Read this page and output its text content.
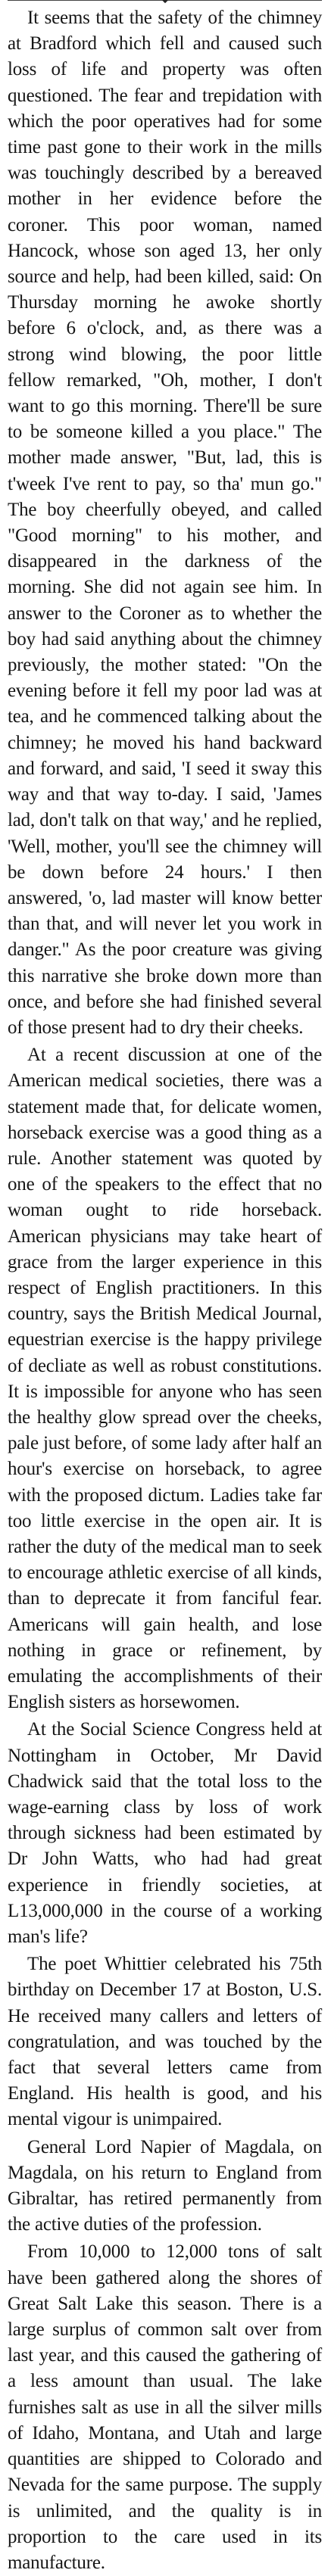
It seems that the safety of the chimney at Bradford which fell and caused such loss of life and property was often questioned. The fear and trepidation with which the poor operatives had for some time past gone to their work in the mills was touchingly described by a bereaved mother in her evidence before the coroner. This poor woman, named Hancock, whose son aged 13, her only source and help, had been killed, said: On Thursday morning he awoke shortly before 6 o'clock, and, as there was a strong wind blowing, the poor little fellow remarked, "Oh, mother, I don't want to go this morning. There'll be sure to be someone killed a you place." The mother made answer, "But, lad, this is t'week I've rent to pay, so tha' mun go." The boy cheerfully obeyed, and called "Good morning" to his mother, and disappeared in the darkness of the morning. She did not again see him. In answer to the Coroner as to whether the boy had said anything about the chimney previously, the mother stated: "On the evening before it fell my poor lad was at tea, and he commenced talking about the chimney; he moved his hand backward and forward, and said, 'I seed it sway this way and that way to-day. I said, 'James lad, don't talk on that way,' and he replied, 'Well, mother, you'll see the chimney will be down before 24 hours.' I then answered, 'o, lad master will know better than that, and will never let you work in danger." As the poor creature was giving this narrative she broke down more than once, and before she had finished several of those present had to dry their cheeks.

At a recent discussion at one of the American medical societies, there was a statement made that, for delicate women, horseback exercise was a good thing as a rule. Another statement was quoted by one of the speakers to the effect that no woman ought to ride horseback. American physicians may take heart of grace from the larger experience in this respect of English practitioners. In this country, says the British Medical Journal, equestrian exercise is the happy privilege of decliate as well as robust constitutions. It is impossible for anyone who has seen the healthy glow spread over the cheeks, pale just before, of some lady after half an hour's exercise on horseback, to agree with the proposed dictum. Ladies take far too little exercise in the open air. It is rather the duty of the medical man to seek to encourage athletic exercise of all kinds, than to deprecate it from fanciful fear. Americans will gain health, and lose nothing in grace or refinement, by emulating the accomplishments of their English sisters as horsewomen.

At the Social Science Congress held at Nottingham in October, Mr David Chadwick said that the total loss to the wage-earning class by loss of work through sickness had been estimated by Dr John Watts, who had had great experience in friendly societies, at L13,000,000 in the course of a working man's life?

The poet Whittier celebrated his 75th birthday on December 17 at Boston, U.S. He received many callers and letters of congratulation, and was touched by the fact that several letters came from England. His health is good, and his mental vigour is unimpaired.

General Lord Napier of Magdala, on Magdala, on his return to England from Gibraltar, has retired permanently from the active duties of the profession.

From 10,000 to 12,000 tons of salt have been gathered along the shores of Great Salt Lake this season. There is a large surplus of common salt over from last year, and this caused the gathering of a less amount than usual. The lake furnishes salt as use in all the silver mills of Idaho, Montana, and Utah and large quantities are shipped to Colorado and Nevada for the same purpose. The supply is unlimited, and the quality is in proportion to the care used in its manufacture.
